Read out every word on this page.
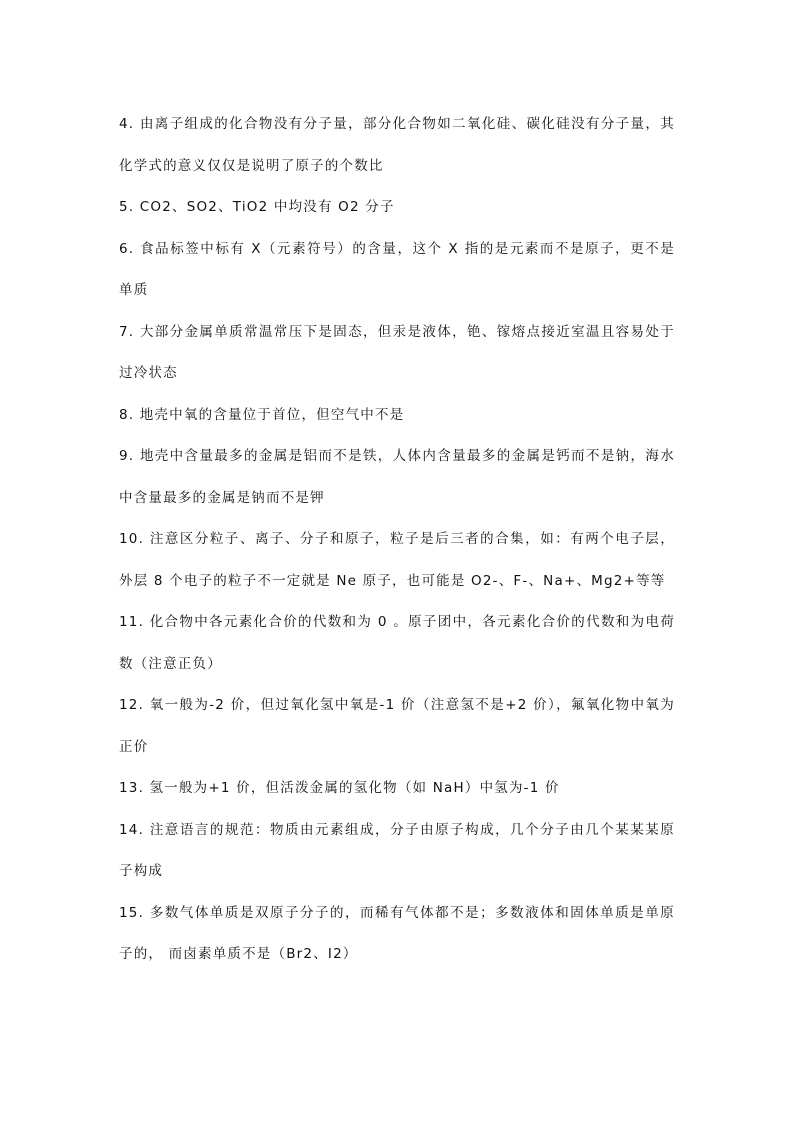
4. 由离子组成的化合物没有分子量，部分化合物如二氧化硅、碳化硅没有分子量，其化学式的意义仅仅是说明了原子的个数比

5. CO2、SO2、TiO2 中均没有 O2 分子

6. 食品标签中标有 X（元素符号）的含量，这个 X 指的是元素而不是原子，更不是单质

7. 大部分金属单质常温常压下是固态，但汞是液体，铯、镓熔点接近室温且容易处于过冷状态

8. 地壳中氧的含量位于首位，但空气中不是

9. 地壳中含量最多的金属是铝而不是铁，人体内含量最多的金属是钙而不是钠，海水中含量最多的金属是钠而不是钾

10. 注意区分粒子、离子、分子和原子，粒子是后三者的合集，如：有两个电子层，外层 8 个电子的粒子不一定就是 Ne 原子，也可能是 O2-、F-、Na+、Mg2+等等

11. 化合物中各元素化合价的代数和为 0 。原子团中，各元素化合价的代数和为电荷数（注意正负）

12. 氧一般为-2 价，但过氧化氢中氧是-1 价（注意氢不是+2 价），氟氧化物中氧为正价

13. 氢一般为+1 价，但活泼金属的氢化物（如 NaH）中氢为-1 价

14. 注意语言的规范：物质由元素组成，分子由原子构成，几个分子由几个某某某原子构成

15. 多数气体单质是双原子分子的，而稀有气体都不是；多数液体和固体单质是单原子的， 而卤素单质不是（Br2、I2）
